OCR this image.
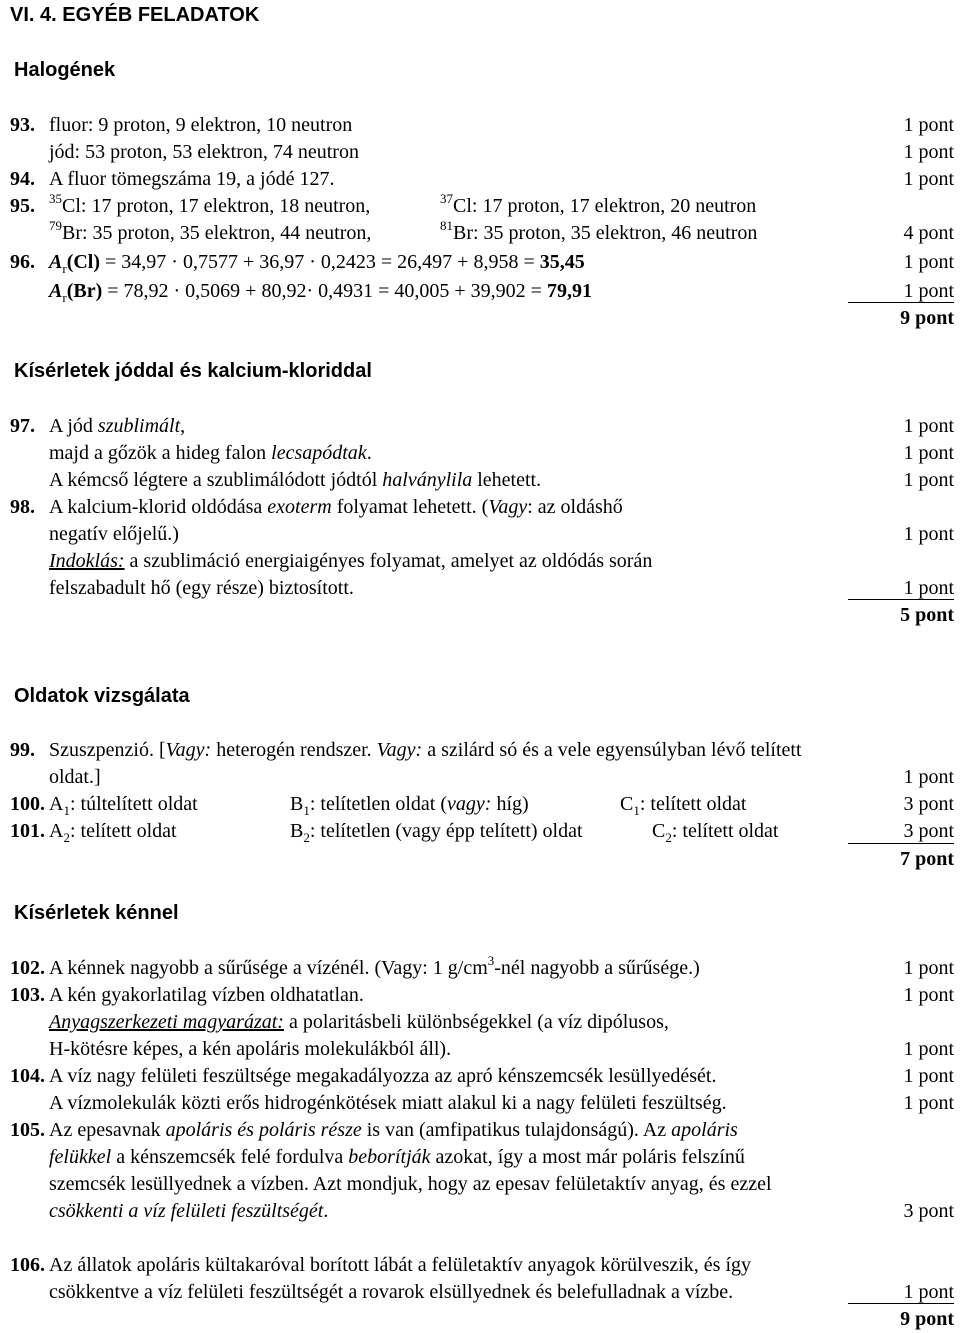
VI. 4. EGYÉB FELADATOK
Halogének
93. fluor: 9 proton, 9 elektron, 10 neutron	1 pont
jód: 53 proton, 53 elektron, 74 neutron	1 pont
94. A fluor tömegszáma 19, a jódé 127.	1 pont
95. $^{35}$Cl: 17 proton, 17 elektron, 18 neutron,	$^{37}$Cl: 17 proton, 17 elektron, 20 neutron
$^{79}$Br: 35 proton, 35 elektron, 44 neutron,	$^{81}$Br: 35 proton, 35 elektron, 46 neutron	4 pont
96. $A_r(Cl) = 34,97 \cdot 0,7577 + 36,97 \cdot 0,2423 = 26,497 + 8,958 = 35,45$	1 pont
$A_r(Br) = 78,92 \cdot 0,5069 + 80,92\cdot 0,4931 = 40,005 + 39,902 = 79,91$	1 pont
9 pont
Kísérletek jóddal és kalcium-kloriddal
97. A jód szublimált,	1 pont
majd a gőzök a hideg falon lecsapódtak.	1 pont
A kémcső légtere a szublimálódott jódtól halványlila lehetett.	1 pont
98. A kalcium-klorid oldódása exoterm folyamat lehetett. (Vagy: az oldáshő
negatív előjelű.)	1 pont
Indoklás: a szublimáció energiaigényes folyamat, amelyet az oldódás során
felszabadult hő (egy része) biztosított.	1 pont
5 pont
Oldatok vizsgálata
99. Szuszpenzió. [Vagy: heterogén rendszer. Vagy: a szilárd só és a vele egyensúlyban lévő telített
oldat.]	1 pont
100. $A_1$: túltelített oldat	$B_1$: telítetlen oldat (vagy: híg)	$C_1$: telített oldat	3 pont
101. $A_2$: telített oldat	$B_2$: telítetlen (vagy épp telített) oldat	$C_2$: telített oldat	3 pont
7 pont
Kísérletek kénnel
102. A kénnek nagyobb a sűrűsége a vízénél. (Vagy: 1 $g/cm^3$-nél nagyobb a sűrűsége.)	1 pont
103. A kén gyakorlatilag vízben oldhatatlan.	1 pont
Anyagszerkezeti magyarázat: a polaritásbeli különbségekkel (a víz dipólusos,
H-kötésre képes, a kén apoláris molekulákból áll).	1 pont
104. A víz nagy felületi feszültsége megakadályozza az apró kénszemcsék lesüllyedését.	1 pont
A vízmolekulák közti erős hidrogénkötések miatt alakul ki a nagy felületi feszültség.	1 pont
105. Az epesavnak apoláris és poláris része is van (amfipatikus tulajdonságú). Az apoláris
felükkel a kénszemcsék felé fordulva beborítják azokat, így a most már poláris felszínű
szemcsék lesüllyednek a vízben. Azt mondjuk, hogy az epesav felületaktív anyag, és ezzel
csökkenti a víz felületi feszültségét.	3 pont
106. Az állatok apoláris kültakaróval borított lábát a felületaktív anyagok körülveszik, és így
csökkentve a víz felületi feszültségét a rovarok elsüllyednek és belefulladnak a vízbe.	1 pont
9 pont
